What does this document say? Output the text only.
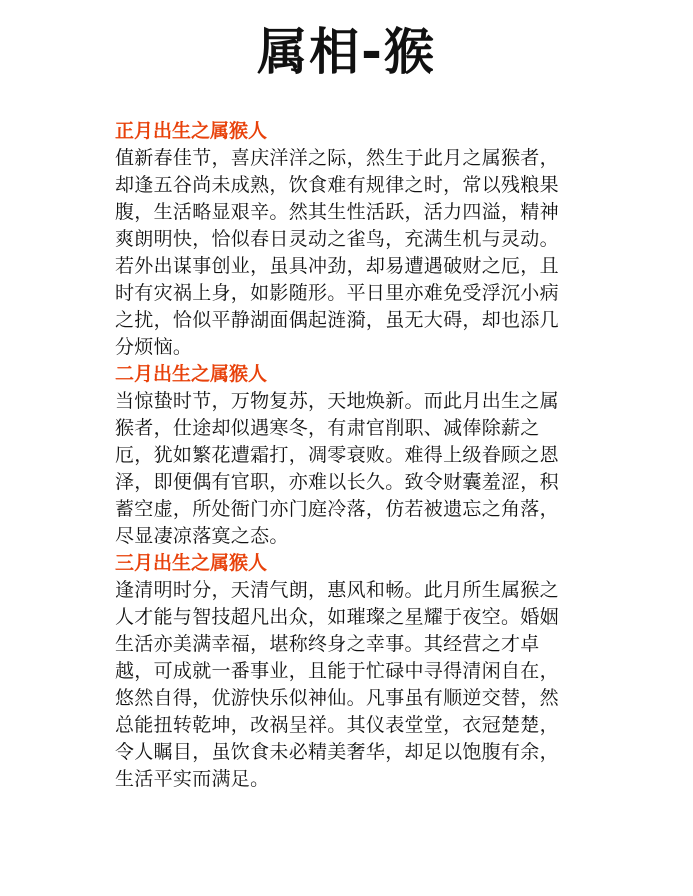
属相-猴
正月出生之属猴人
值新春佳节，喜庆洋洋之际，然生于此月之属猴者，
却逢五谷尚未成熟，饮食难有规律之时，常以残粮果
腹，生活略显艰辛。然其生性活跃，活力四溢，精神
爽朗明快，恰似春日灵动之雀鸟，充满生机与灵动。
若外出谋事创业，虽具冲劲，却易遭遇破财之厄，且
时有灾祸上身，如影随形。平日里亦难免受浮沉小病
之扰，恰似平静湖面偶起涟漪，虽无大碍，却也添几
分烦恼。
二月出生之属猴人
当惊蛰时节，万物复苏，天地焕新。而此月出生之属
猴者，仕途却似遇寒冬，有肃官削职、减俸除薪之
厄，犹如繁花遭霜打，凋零衰败。难得上级眷顾之恩
泽，即便偶有官职，亦难以长久。致令财囊羞涩，积
蓄空虚，所处衙门亦门庭冷落，仿若被遗忘之角落，
尽显凄凉落寞之态。
三月出生之属猴人
逢清明时分，天清气朗，惠风和畅。此月所生属猴之
人才能与智技超凡出众，如璀璨之星耀于夜空。婚姻
生活亦美满幸福，堪称终身之幸事。其经营之才卓
越，可成就一番事业，且能于忙碌中寻得清闲自在，
悠然自得，优游快乐似神仙。凡事虽有顺逆交替，然
总能扭转乾坤，改祸呈祥。其仪表堂堂，衣冠楚楚，
令人瞩目，虽饮食未必精美奢华，却足以饱腹有余，
生活平实而满足。
